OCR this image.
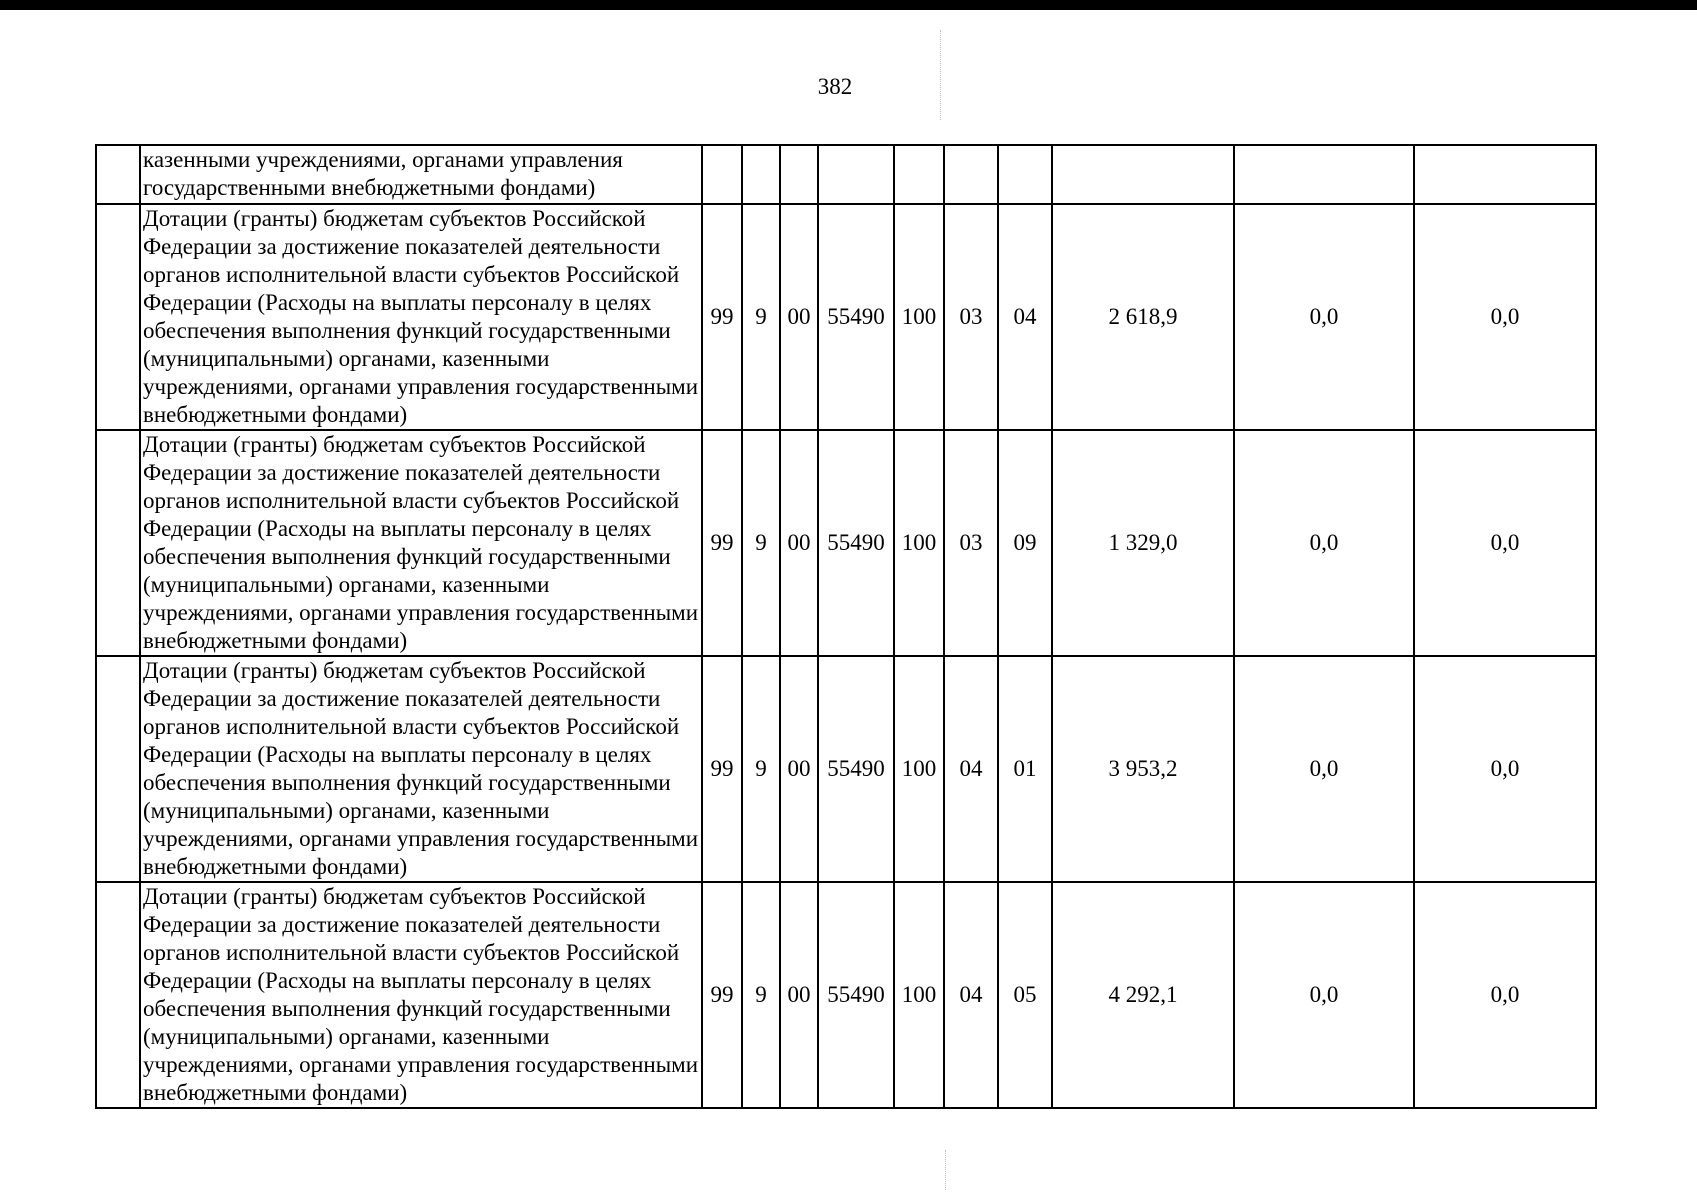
382
	казенными учреждениями, органами управления государственными внебюджетными фондами)										
	Дотации (гранты) бюджетам субъектов Российской Федерации за достижение показателей деятельности органов исполнительной власти субъектов Российской Федерации (Расходы на выплаты персоналу в целях обеспечения выполнения функций государственными (муниципальными) органами, казенными учреждениями, органами управления государственными внебюджетными фондами)	99	9	00	55490	100	03	04	2 618,9	0,0	0,0
	Дотации (гранты) бюджетам субъектов Российской Федерации за достижение показателей деятельности органов исполнительной власти субъектов Российской Федерации (Расходы на выплаты персоналу в целях обеспечения выполнения функций государственными (муниципальными) органами, казенными учреждениями, органами управления государственными внебюджетными фондами)	99	9	00	55490	100	03	09	1 329,0	0,0	0,0
	Дотации (гранты) бюджетам субъектов Российской Федерации за достижение показателей деятельности органов исполнительной власти субъектов Российской Федерации (Расходы на выплаты персоналу в целях обеспечения выполнения функций государственными (муниципальными) органами, казенными учреждениями, органами управления государственными внебюджетными фондами)	99	9	00	55490	100	04	01	3 953,2	0,0	0,0
	Дотации (гранты) бюджетам субъектов Российской Федерации за достижение показателей деятельности органов исполнительной власти субъектов Российской Федерации (Расходы на выплаты персоналу в целях обеспечения выполнения функций государственными (муниципальными) органами, казенными учреждениями, органами управления государственными внебюджетными фондами)	99	9	00	55490	100	04	05	4 292,1	0,0	0,0
